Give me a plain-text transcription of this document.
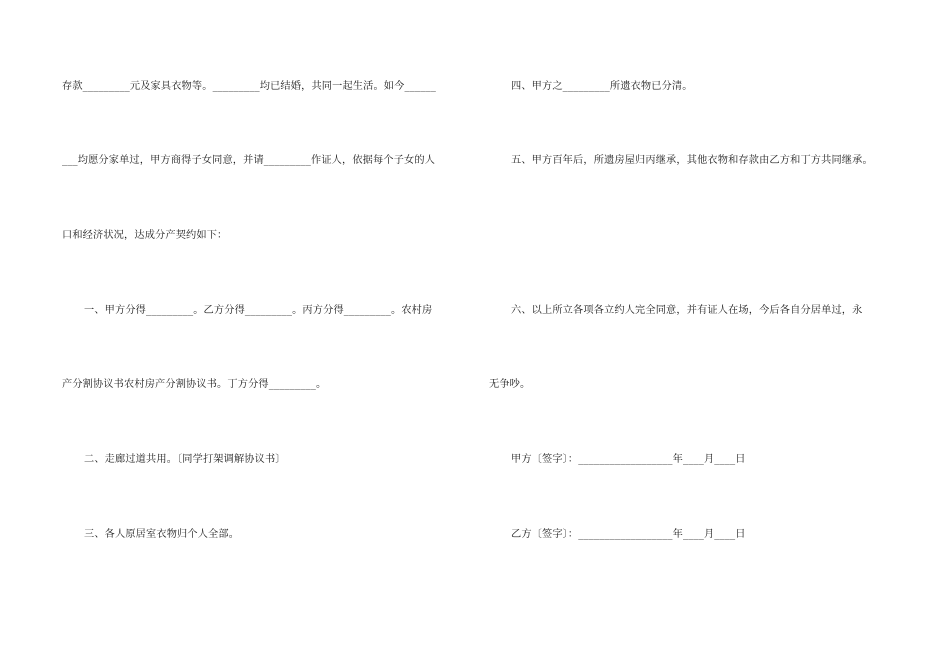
存款_________元及家具衣物等。_________均已结婚，共同一起生活。如今______
___均愿分家单过，甲方商得子女同意，并请_________作证人，依据每个子女的人
口和经济状况，达成分产契约如下：
一、甲方分得_________。乙方分得_________。丙方分得_________。农村房
产分割协议书农村房产分割协议书。丁方分得_________。
二、走廊过道共用。〔同学打架调解协议书〕
三、各人原居室衣物归个人全部。
四、甲方之_________所遗衣物已分清。
五、甲方百年后，所遗房屋归丙继承，其他衣物和存款由乙方和丁方共同继承。
六、以上所立各项各立约人完全同意，并有证人在场，今后各自分居单过，永
无争吵。
甲方〔签字〕：__________________年____月____日
乙方〔签字〕：__________________年____月____日
